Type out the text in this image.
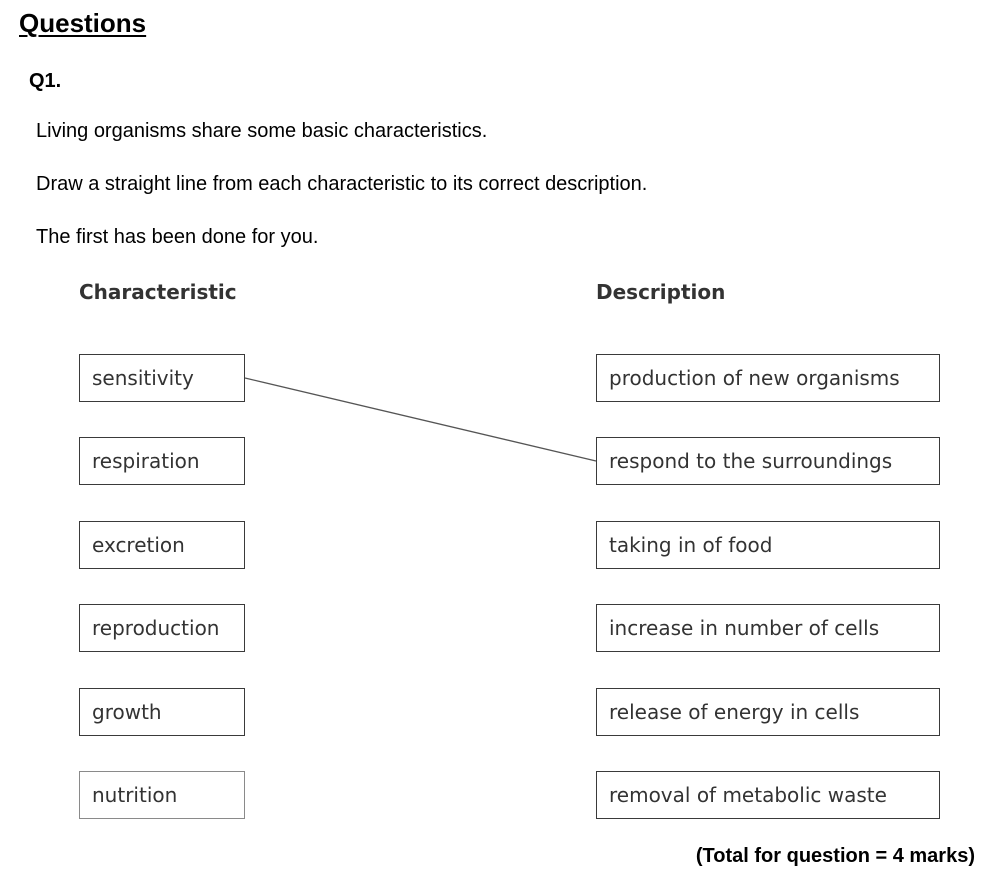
Questions
Q1.
Living organisms share some basic characteristics.
Draw a straight line from each characteristic to its correct description.
The first has been done for you.
Characteristic	Description
sensitivity
respiration
excretion
reproduction
growth
nutrition
production of new organisms
respond to the surroundings
taking in of food
increase in number of cells
release of energy in cells
removal of metabolic waste
(Total for question = 4 marks)
